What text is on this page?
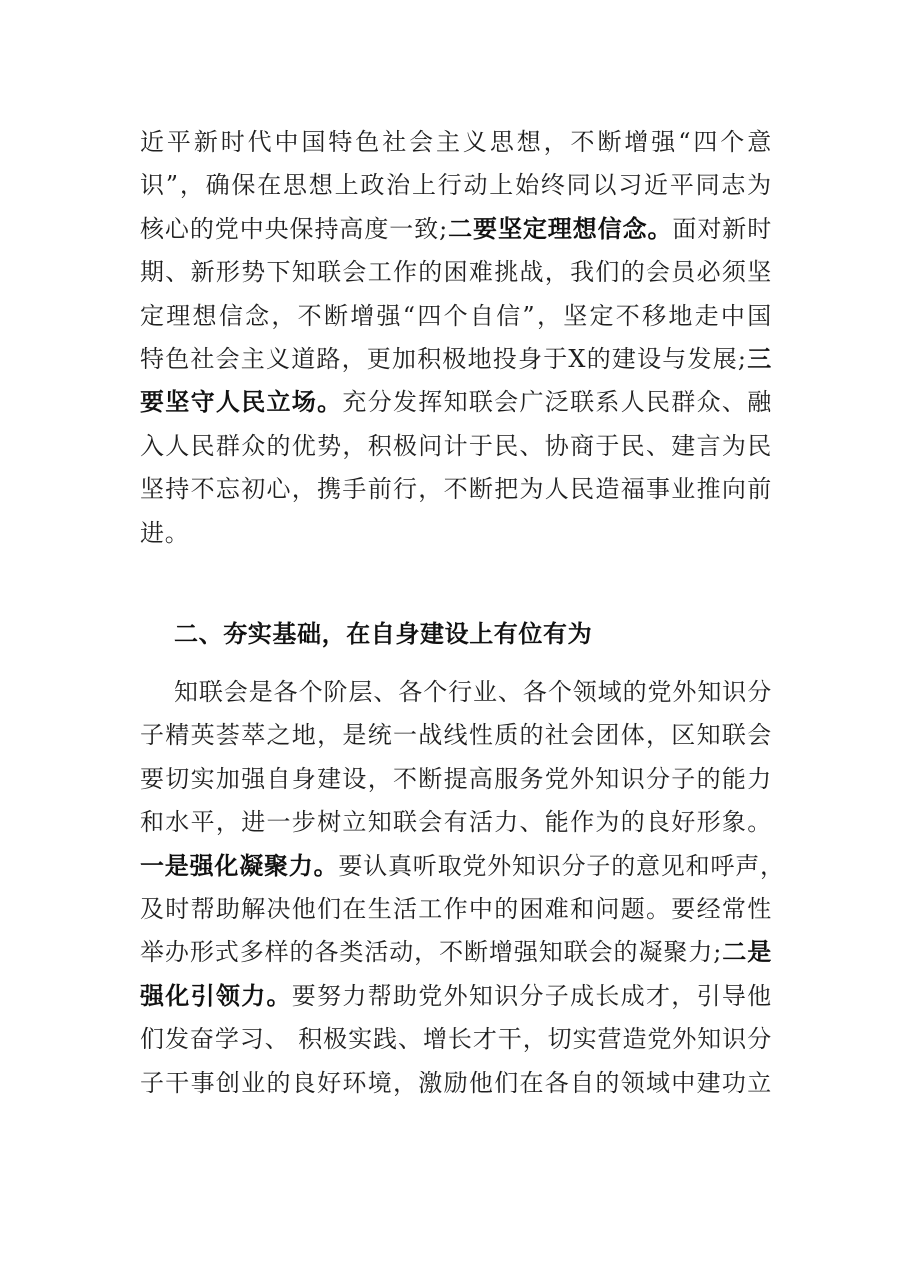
近平新时代中国特色社会主义思想，不断增强“四个意
识”，确保在思想上政治上行动上始终同以习近平同志为
核心的党中央保持高度一致;二要坚定理想信念。面对新时
期、新形势下知联会工作的困难挑战，我们的会员必须坚
定理想信念，不断增强“四个自信”，坚定不移地走中国
特色社会主义道路，更加积极地投身于X的建设与发展;三
要坚守人民立场。充分发挥知联会广泛联系人民群众、融
入人民群众的优势，积极问计于民、协商于民、建言为民
坚持不忘初心，携手前行，不断把为人民造福事业推向前
进。
二、夯实基础，在自身建设上有位有为
知联会是各个阶层、各个行业、各个领域的党外知识分
子精英荟萃之地，是统一战线性质的社会团体，区知联会
要切实加强自身建设，不断提高服务党外知识分子的能力
和水平，进一步树立知联会有活力、能作为的良好形象。
一是强化凝聚力。要认真听取党外知识分子的意见和呼声，
及时帮助解决他们在生活工作中的困难和问题。要经常性
举办形式多样的各类活动，不断增强知联会的凝聚力;二是
强化引领力。要努力帮助党外知识分子成长成才，引导他
们发奋学习、 积极实践、增长才干，切实营造党外知识分
子干事创业的良好环境，激励他们在各自的领域中建功立
